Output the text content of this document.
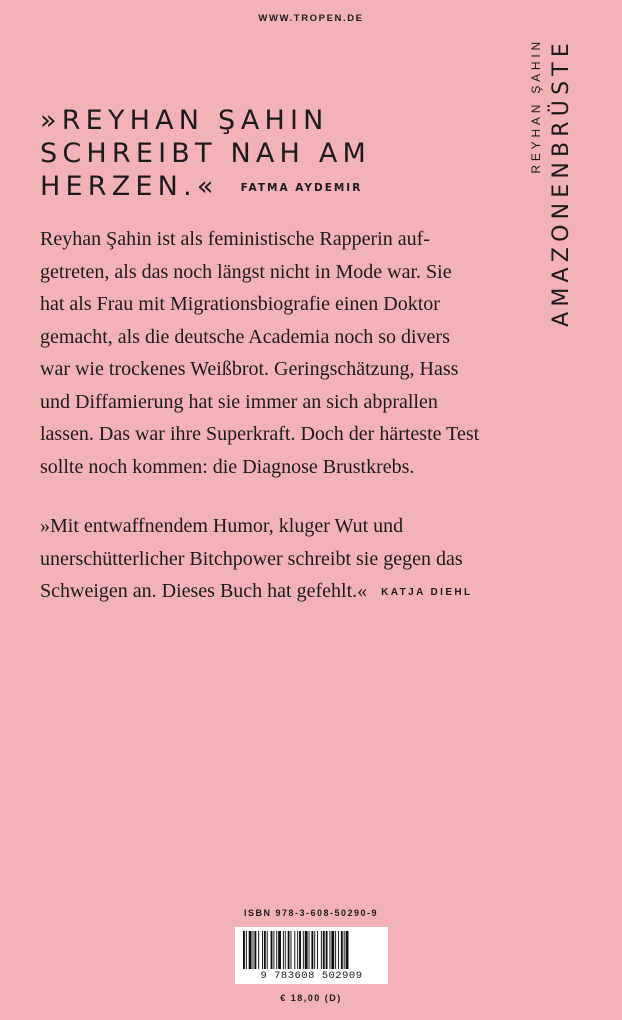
WWW.TROPEN.DE
»REYHAN ŞAHIN
SCHREIBT NAH AM
HERZEN.« FATMA AYDEMIR
Reyhan Şahin ist als feministische Rapperin auf-
getreten, als das noch längst nicht in Mode war. Sie
hat als Frau mit Migrationsbiografie einen Doktor
gemacht, als die deutsche Academia noch so divers
war wie trockenes Weißbrot. Geringschätzung, Hass
und Diffamierung hat sie immer an sich abprallen
lassen. Das war ihre Superkraft. Doch der härteste Test
sollte noch kommen: die Diagnose Brustkrebs.
»Mit entwaffnendem Humor, kluger Wut und
unerschütterlicher Bitchpower schreibt sie gegen das
Schweigen an. Dieses Buch hat gefehlt.« KATJA DIEHL
REYHAN ŞAHIN AMAZONENBRÜSTE
ISBN 978-3-608-50290-9
9 783608 502909
€ 18,00 (D)
